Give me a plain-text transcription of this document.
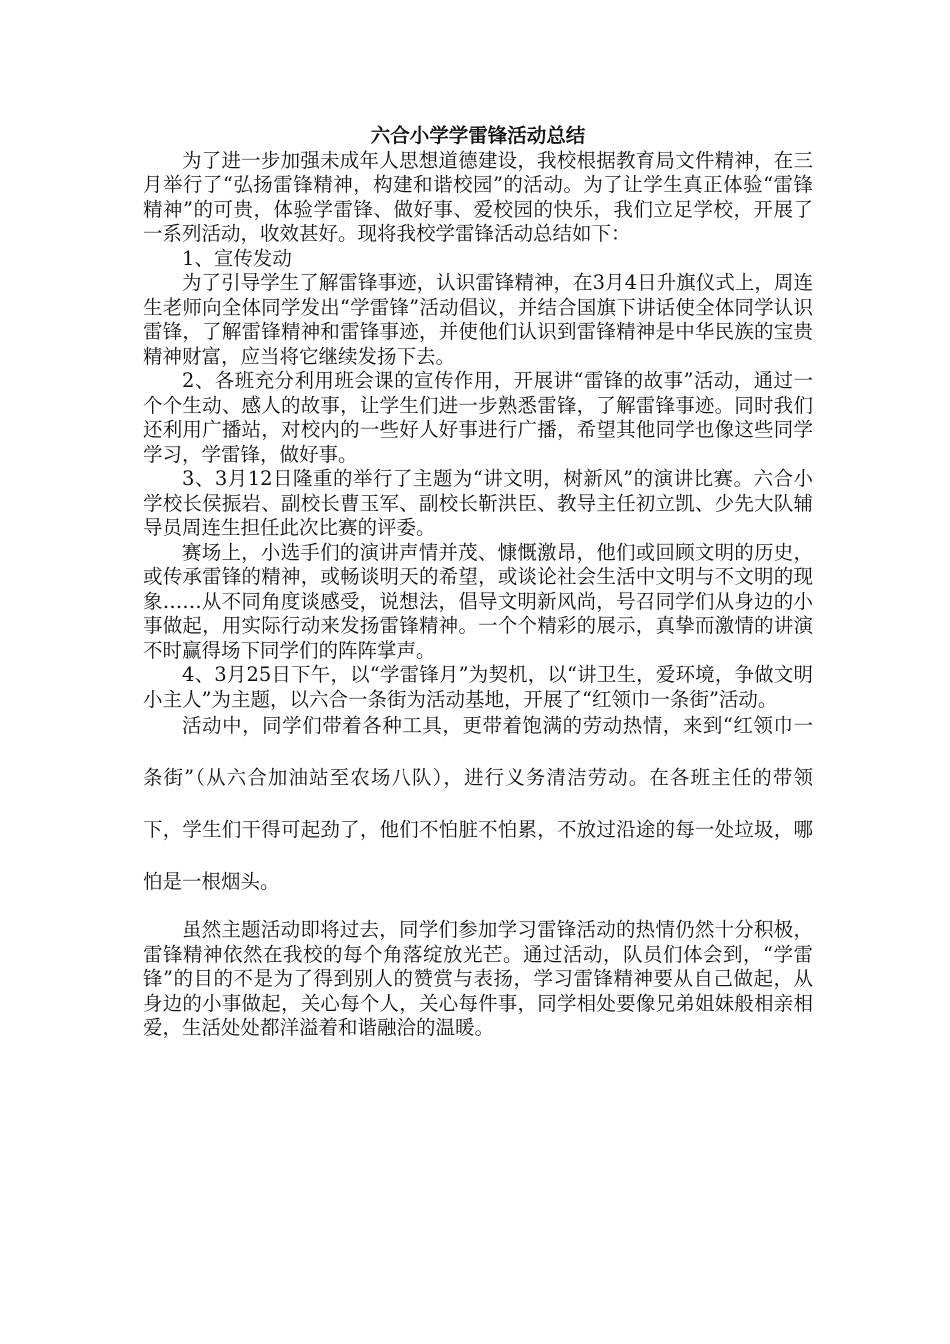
六合小学学雷锋活动总结

为了进一步加强未成年人思想道德建设，我校根据教育局文件精神，在三月举行了“弘扬雷锋精神，构建和谐校园”的活动。为了让学生真正体验“雷锋精神”的可贵，体验学雷锋、做好事、爱校园的快乐，我们立足学校，开展了一系列活动，收效甚好。现将我校学雷锋活动总结如下：

1、宣传发动

为了引导学生了解雷锋事迹，认识雷锋精神，在3月4日升旗仪式上，周连生老师向全体同学发出“学雷锋”活动倡议，并结合国旗下讲话使全体同学认识雷锋，了解雷锋精神和雷锋事迹，并使他们认识到雷锋精神是中华民族的宝贵精神财富，应当将它继续发扬下去。

2、各班充分利用班会课的宣传作用，开展讲“雷锋的故事”活动，通过一个个生动、感人的故事，让学生们进一步熟悉雷锋，了解雷锋事迹。同时我们还利用广播站，对校内的一些好人好事进行广播，希望其他同学也像这些同学学习，学雷锋，做好事。

3、3月12日隆重的举行了主题为“讲文明，树新风”的演讲比赛。六合小学校长侯振岩、副校长曹玉军、副校长靳洪臣、教导主任初立凯、少先大队辅导员周连生担任此次比赛的评委。

赛场上，小选手们的演讲声情并茂、慷慨激昂，他们或回顾文明的历史，或传承雷锋的精神，或畅谈明天的希望，或谈论社会生活中文明与不文明的现象……从不同角度谈感受，说想法，倡导文明新风尚，号召同学们从身边的小事做起，用实际行动来发扬雷锋精神。一个个精彩的展示，真挚而激情的讲演不时赢得场下同学们的阵阵掌声。

4、3月25日下午，以“学雷锋月”为契机，以“讲卫生，爱环境，争做文明小主人”为主题，以六合一条街为活动基地，开展了“红领巾一条街”活动。

活动中，同学们带着各种工具，更带着饱满的劳动热情，来到“红领巾一条街”（从六合加油站至农场八队），进行义务清洁劳动。在各班主任的带领下，学生们干得可起劲了，他们不怕脏不怕累，不放过沿途的每一处垃圾，哪怕是一根烟头。

虽然主题活动即将过去，同学们参加学习雷锋活动的热情仍然十分积极，雷锋精神依然在我校的每个角落绽放光芒。通过活动，队员们体会到，“学雷锋”的目的不是为了得到别人的赞赏与表扬，学习雷锋精神要从自己做起，从身边的小事做起，关心每个人，关心每件事，同学相处要像兄弟姐妹般相亲相爱，生活处处都洋溢着和谐融洽的温暖。
